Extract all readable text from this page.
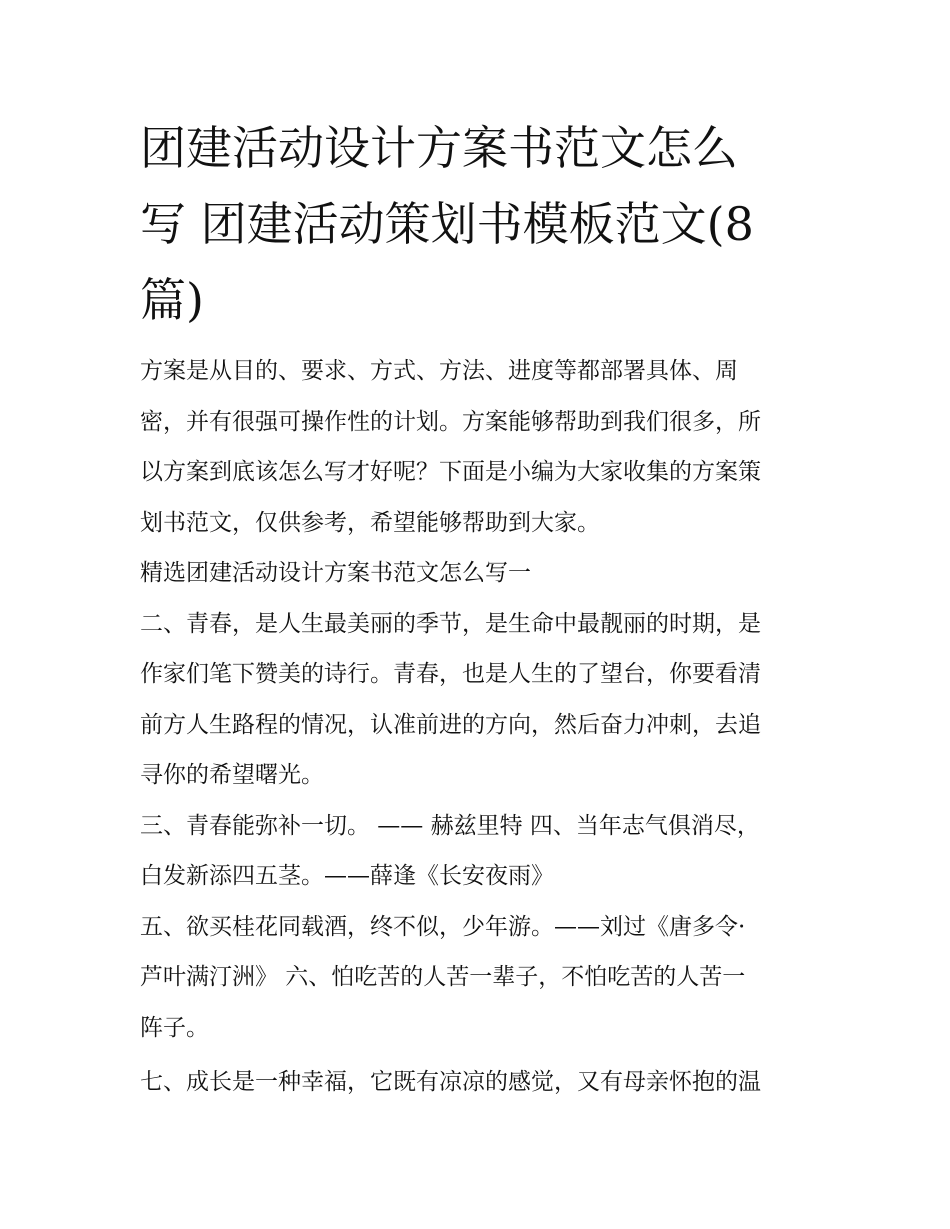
团建活动设计方案书范文怎么
写 团建活动策划书模板范文(8
篇)

方案是从目的、要求、方式、方法、进度等都部署具体、周
密，并有很强可操作性的计划。方案能够帮助到我们很多，所
以方案到底该怎么写才好呢？下面是小编为大家收集的方案策
划书范文，仅供参考，希望能够帮助到大家。

精选团建活动设计方案书范文怎么写一

二、青春，是人生最美丽的季节，是生命中最靓丽的时期，是
作家们笔下赞美的诗行。青春，也是人生的了望台，你要看清
前方人生路程的情况，认准前进的方向，然后奋力冲刺，去追
寻你的希望曙光。

三、青春能弥补一切。 —— 赫兹里特 四、当年志气俱消尽，
白发新添四五茎。——薛逢《长安夜雨》

五、欲买桂花同载酒，终不似，少年游。——刘过《唐多令·
芦叶满汀洲》 六、怕吃苦的人苦一辈子，不怕吃苦的人苦一
阵子。

七、成长是一种幸福，它既有凉凉的感觉，又有母亲怀抱的温
